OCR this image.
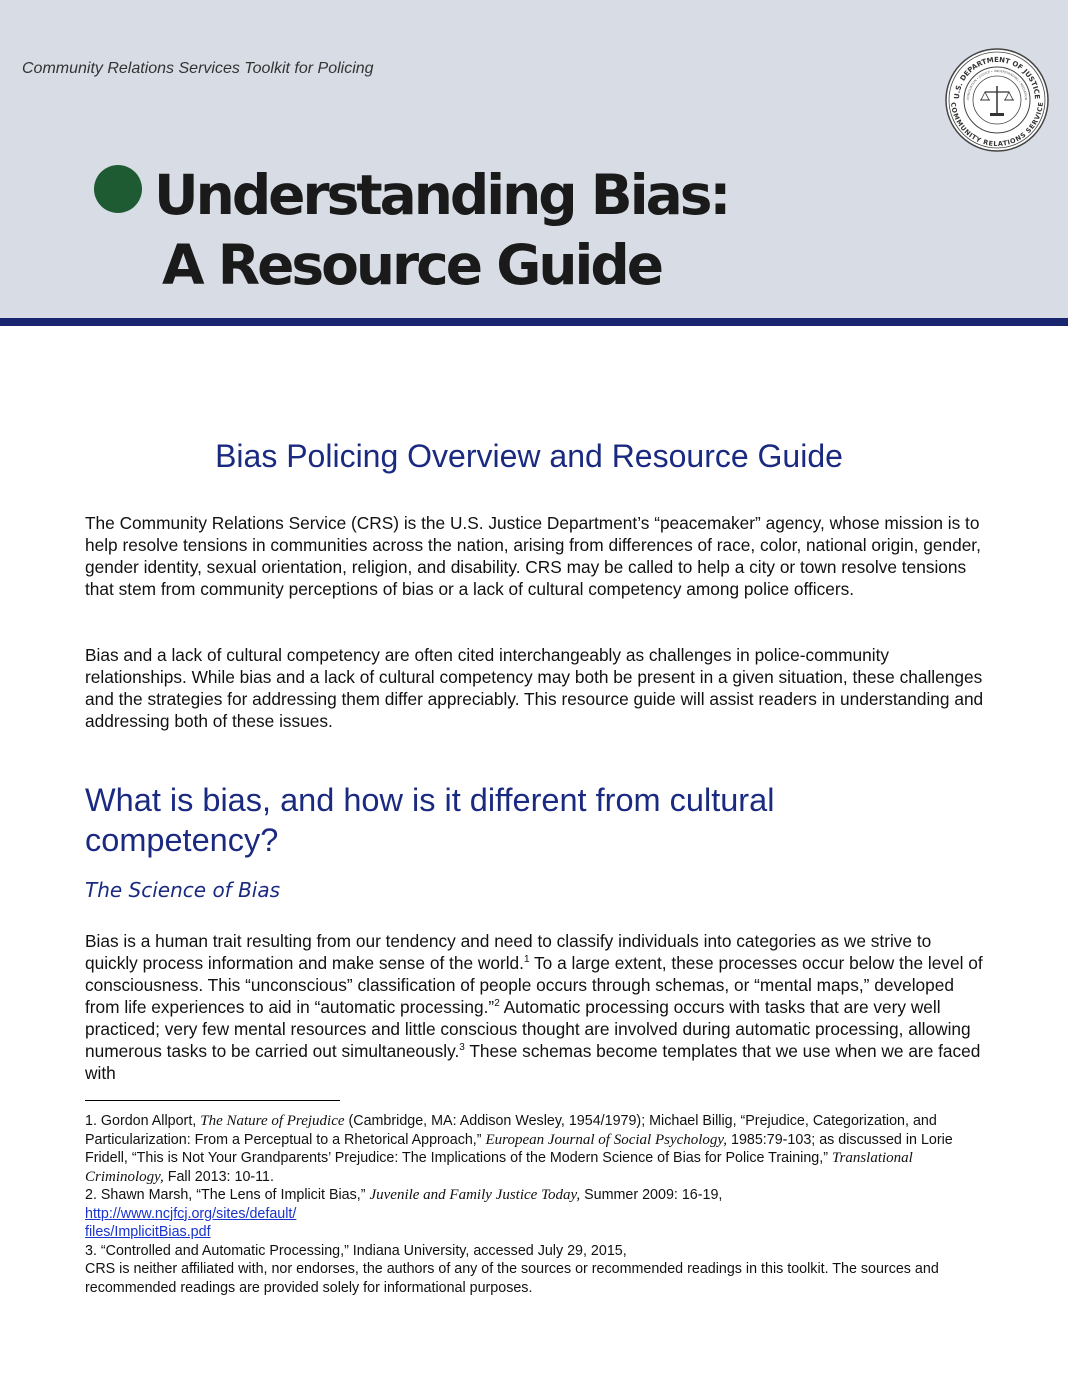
Community Relations Services Toolkit for Policing
U.S. DEPARTMENT OF JUSTICE
COMMUNITY RELATIONS SERVICE
CONCILIATION • JUSTICE • UNDERSTANDING • MEDIATION
Understanding Bias:
A Resource Guide
Bias Policing Overview and Resource Guide

The Community Relations Service (CRS) is the U.S. Justice Department’s “peacemaker” agency, whose mission is to help resolve tensions in communities across the nation, arising from differences of race, color, national origin, gender, gender identity, sexual orientation, religion, and disability. CRS may be called to help a city or town resolve tensions that stem from community perceptions of bias or a lack of cultural competency among police officers.

Bias and a lack of cultural competency are often cited interchangeably as challenges in police-community relationships. While bias and a lack of cultural competency may both be present in a given situation, these challenges and the strategies for addressing them differ appreciably. This resource guide will assist readers in understanding and addressing both of these issues.

What is bias, and how is it different from cultural competency?
The Science of Bias

Bias is a human trait resulting from our tendency and need to classify individuals into categories as we strive to quickly process information and make sense of the world.$^1$ To a large extent, these processes occur below the level of consciousness. This “unconscious” classification of people occurs through schemas, or “mental maps,” developed from life experiences to aid in “automatic processing.”$^2$ Automatic processing occurs with tasks that are very well practiced; very few mental resources and little conscious thought are involved during automatic processing, allowing numerous tasks to be carried out simultaneously.$^3$ These schemas become templates that we use when we are faced with

1. Gordon Allport, The Nature of Prejudice (Cambridge, MA: Addison Wesley, 1954/1979); Michael Billig, “Prejudice, Categorization, and Particularization: From a Perceptual to a Rhetorical Approach,” European Journal of Social Psychology, 1985:79-103; as discussed in Lorie Fridell, “This is Not Your Grandparents’ Prejudice: The Implications of the Modern Science of Bias for Police Training,” Translational Criminology, Fall 2013: 10-11.

2. Shawn Marsh, “The Lens of Implicit Bias,” Juvenile and Family Justice Today, Summer 2009: 16-19,
http://www.ncjfcj.org/sites/default/
files/ImplicitBias.pdf

3. “Controlled and Automatic Processing,” Indiana University, accessed July 29, 2015,

CRS is neither affiliated with, nor endorses, the authors of any of the sources or recommended readings in this toolkit. The sources and recommended readings are provided solely for informational purposes.
